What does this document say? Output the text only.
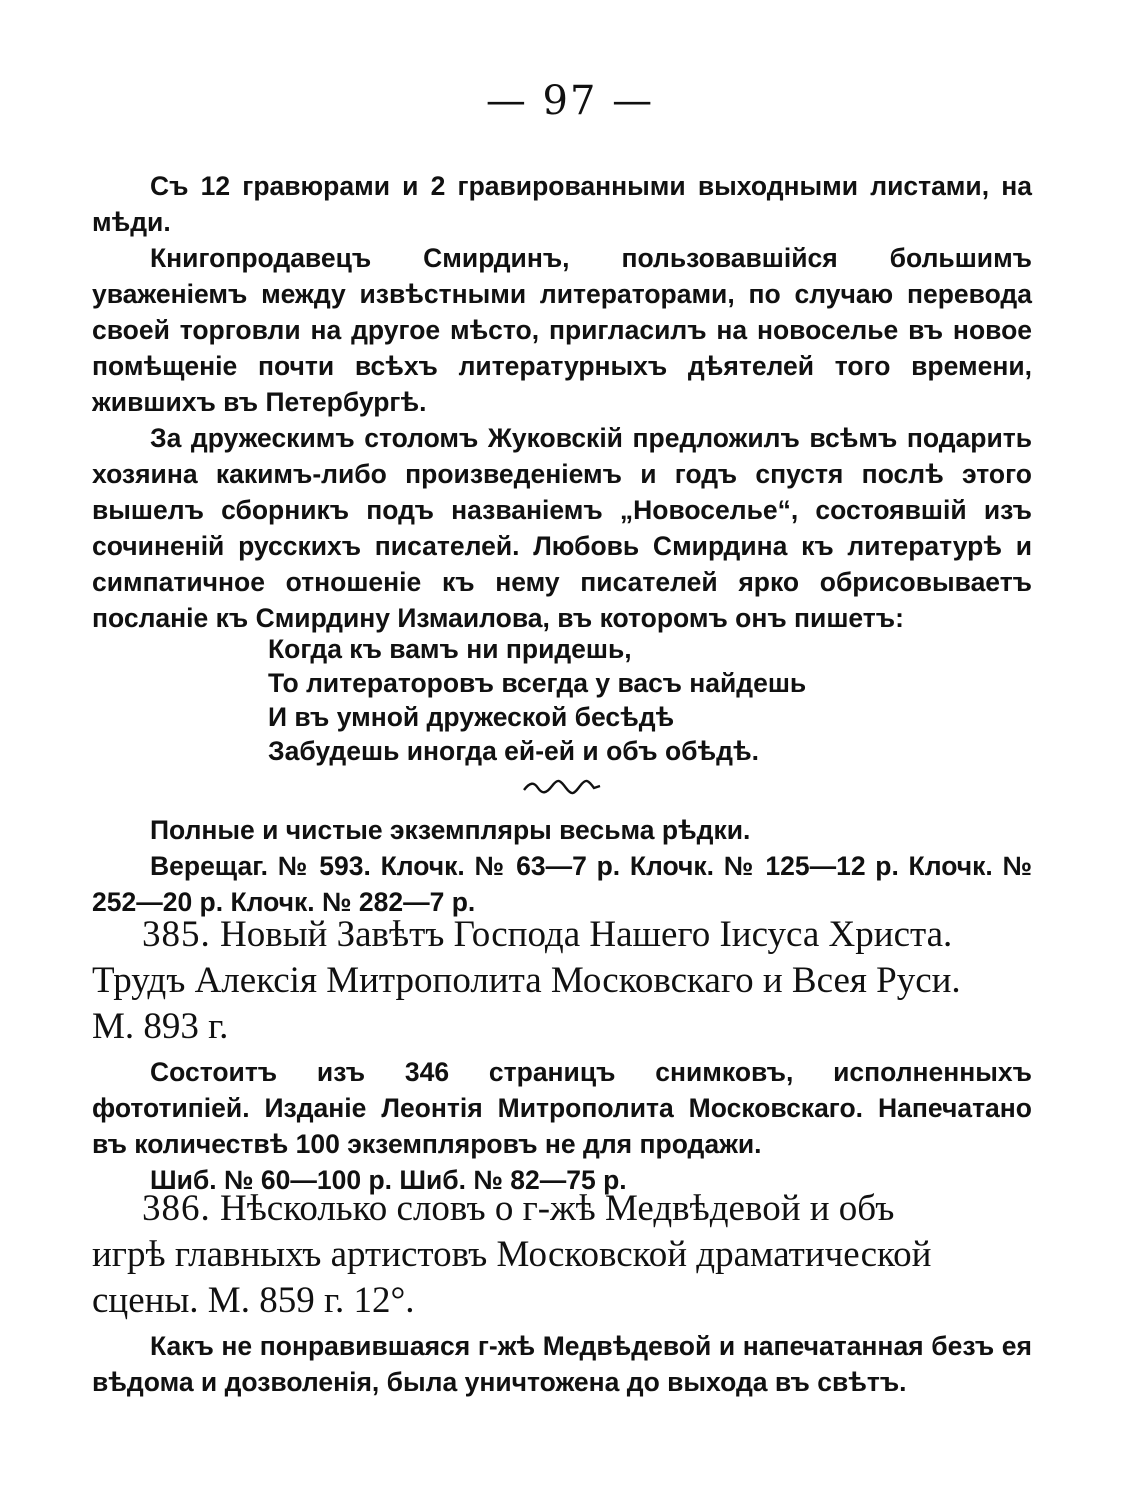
— 97 —

Съ 12 гравюрами и 2 гравированными выходными листами, на мѣди.

Книгопродавецъ Смирдинъ, пользовавшійся большимъ уваженіемъ между извѣстными литераторами, по случаю перевода своей торговли на другое мѣсто, пригласилъ на новоселье въ новое помѣщеніе почти всѣхъ литературныхъ дѣятелей того времени, жившихъ въ Петербургѣ.

За дружескимъ столомъ Жуковскій предложилъ всѣмъ подарить хозяина какимъ-либо произведеніемъ и годъ спустя послѣ этого вышелъ сборникъ подъ названіемъ „Новоселье“, состоявшій изъ сочиненій русскихъ писателей. Любовь Смирдина къ литературѣ и симпатичное отношеніе къ нему писателей ярко обрисовываетъ посланіе къ Смирдину Измаилова, въ которомъ онъ пишетъ:

Когда къ вамъ ни придешь,
То литераторовъ всегда у васъ найдешь
И въ умной дружеской бесѣдѣ
Забудешь иногда ей-ей и объ обѣдѣ.

Полные и чистые экземпляры весьма рѣдки.

Верещаг. № 593. Клочк. № 63—7 р. Клочк. № 125—12 р. Клочк. № 252—20 р. Клочк. № 282—7 р.

385. Новый Завѣтъ Господа Нашего Іисуса Христа.
Трудъ Алексія Митрополита Московскаго и Всея Руси.
М. 893 г.

Состоитъ изъ 346 страницъ снимковъ, исполненныхъ фототипіей. Изданіе Леонтія Митрополита Московскаго. Напечатано въ количествѣ 100 экземпляровъ не для продажи.

Шиб. № 60—100 р. Шиб. № 82—75 р.

386. Нѣсколько словъ о г-жѣ Медвѣдевой и объ
игрѣ главныхъ артистовъ Московской драматической
сцены. М. 859 г. 12°.

Какъ не понравившаяся г-жѣ Медвѣдевой и напечатанная безъ ея вѣдома и дозволенія, была уничтожена до выхода въ свѣтъ.
